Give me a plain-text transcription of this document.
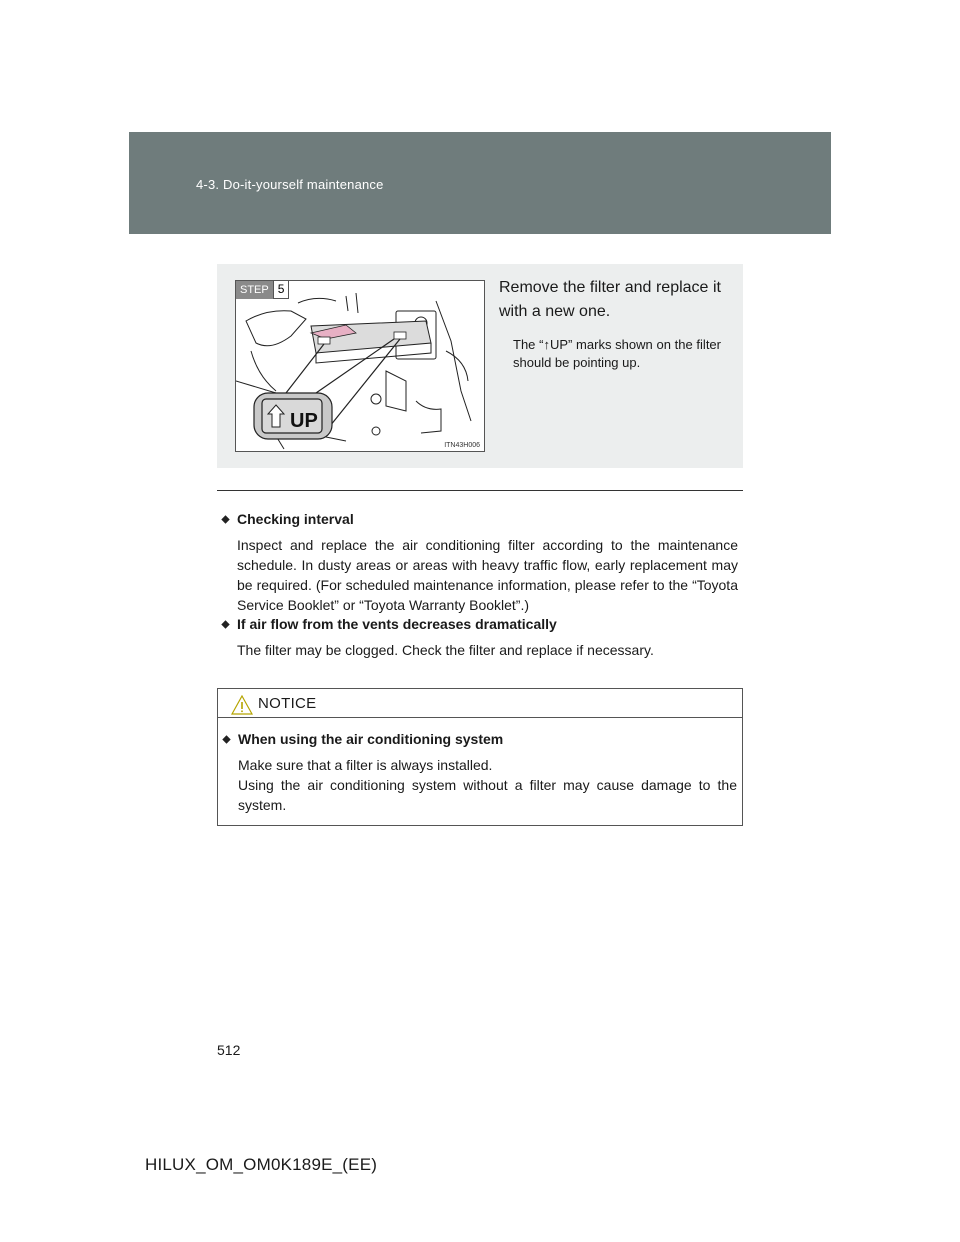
4-3. Do-it-yourself maintenance
UP
STEP 5
ITN43H006

Remove the filter and replace it with a new one.

The “↑UP” marks shown on the filter should be pointing up.

Checking interval

Inspect and replace the air conditioning filter according to the maintenance schedule. In dusty areas or areas with heavy traffic flow, early replacement may be required. (For scheduled maintenance information, please refer to the “Toyota Service Booklet” or “Toyota Warranty Booklet”.)

If air flow from the vents decreases dramatically

The filter may be clogged. Check the filter and replace if necessary.

NOTICE

When using the air conditioning system

Make sure that a filter is always installed.

Using the air conditioning system without a filter may cause damage to the system.

512
HILUX_OM_OM0K189E_(EE)
